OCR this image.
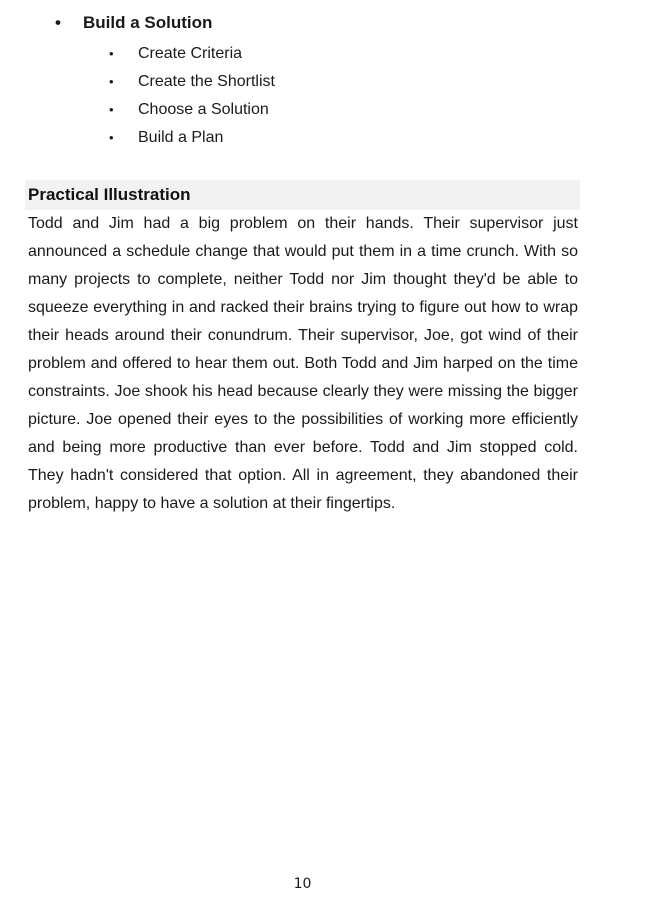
• Build a Solution
• Create Criteria
• Create the Shortlist
• Choose a Solution
• Build a Plan
Practical Illustration

Todd and Jim had a big problem on their hands. Their supervisor just announced a schedule change that would put them in a time crunch. With so many projects to complete, neither Todd nor Jim thought they'd be able to squeeze everything in and racked their brains trying to figure out how to wrap their heads around their conundrum. Their supervisor, Joe, got wind of their problem and offered to hear them out. Both Todd and Jim harped on the time constraints. Joe shook his head because clearly they were missing the bigger picture. Joe opened their eyes to the possibilities of working more efficiently and being more productive than ever before. Todd and Jim stopped cold. They hadn't considered that option. All in agreement, they abandoned their problem, happy to have a solution at their fingertips.

10
